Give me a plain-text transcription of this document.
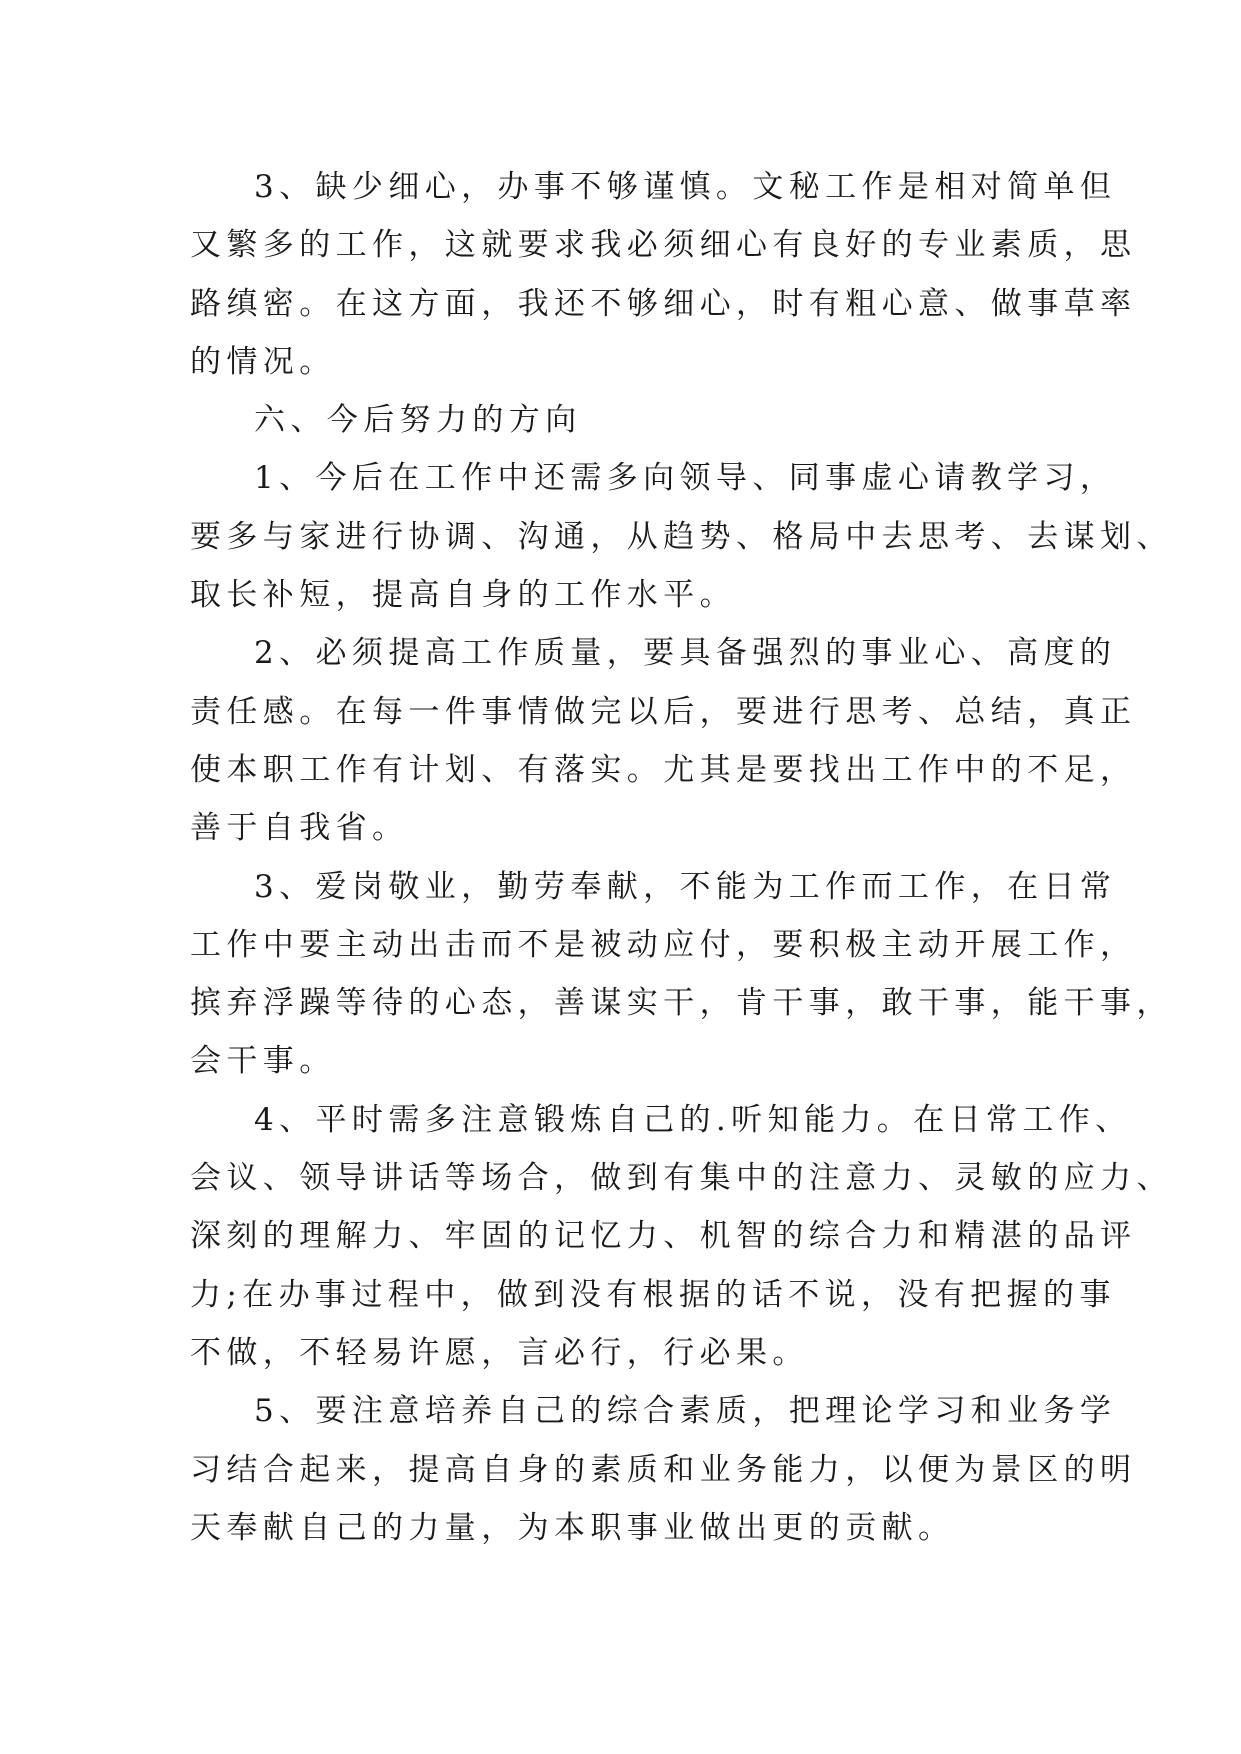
3、缺少细心，办事不够谨慎。文秘工作是相对简单但
又繁多的工作，这就要求我必须细心有良好的专业素质，思
路缜密。在这方面，我还不够细心，时有粗心意、做事草率
的情况。
六、今后努力的方向
1、今后在工作中还需多向领导、同事虚心请教学习，
要多与家进行协调、沟通，从趋势、格局中去思考、去谋划、
取长补短，提高自身的工作水平。
2、必须提高工作质量，要具备强烈的事业心、高度的
责任感。在每一件事情做完以后，要进行思考、总结，真正
使本职工作有计划、有落实。尤其是要找出工作中的不足，
善于自我省。
3、爱岗敬业，勤劳奉献，不能为工作而工作，在日常
工作中要主动出击而不是被动应付，要积极主动开展工作，
摈弃浮躁等待的心态，善谋实干，肯干事，敢干事，能干事，
会干事。
4、平时需多注意锻炼自己的.听知能力。在日常工作、
会议、领导讲话等场合，做到有集中的注意力、灵敏的应力、
深刻的理解力、牢固的记忆力、机智的综合力和精湛的品评
力;在办事过程中，做到没有根据的话不说，没有把握的事
不做，不轻易许愿，言必行，行必果。
5、要注意培养自己的综合素质，把理论学习和业务学
习结合起来，提高自身的素质和业务能力，以便为景区的明
天奉献自己的力量，为本职事业做出更的贡献。
